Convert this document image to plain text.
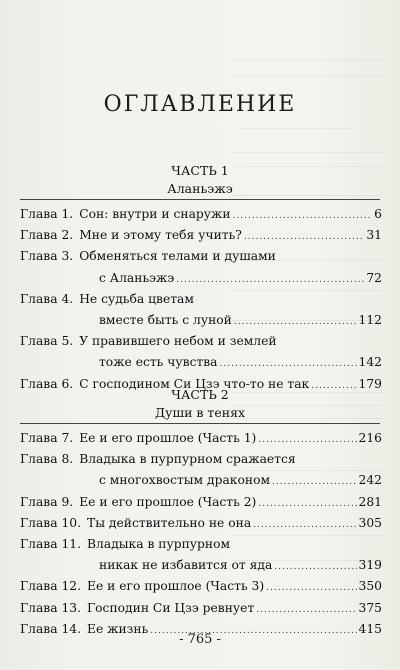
ОГЛАВЛЕНИЕ
ЧАСТЬ 1
Аланьэжэ
Глава 1. Сон: внутри и снаружи .....	6
Глава 2. Мне и этому тебя учить? .....	31
Глава 3. Обменяться телами и душами
с Аланьэжэ .....	72
Глава 4. Не судьба цветам
вместе быть с луной .....	112
Глава 5. У правившего небом и землей
тоже есть чувства .....	142
Глава 6. С господином Си Цзэ что-то не так .....	179
ЧАСТЬ 2
Души в тенях
Глава 7. Ее и его прошлое (Часть 1) .....	216
Глава 8. Владыка в пурпурном сражается
с многохвостым драконом .....	242
Глава 9. Ее и его прошлое (Часть 2) .....	281
Глава 10. Ты действительно не она .....	305
Глава 11. Владыка в пурпурном
никак не избавится от яда .....	319
Глава 12. Ее и его прошлое (Часть 3) .....	350
Глава 13. Господин Си Цзэ ревнует .....	375
Глава 14. Ее жизнь .....	415
- 765 -
